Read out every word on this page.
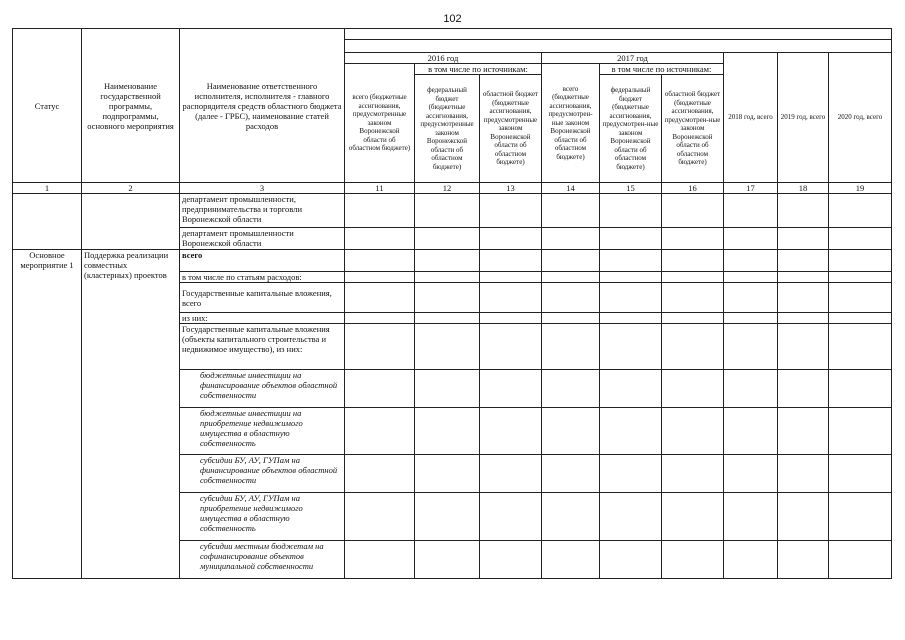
102
Статус	Наименование государственной программы, подпрограммы, основного мероприятия	Наименование ответственного исполнителя, исполнителя - главного распорядителя средств областного бюджета (далее - ГРБС), наименование статей расходов									

			2016 год			2017 год			2018 год, всего	2019 год, всего	2020 год, всего
			всего (бюджетные ассигнования, предусмотренные законом Воронежской области об областном бюджете)	в том числе по источникам:		всего (бюджетные ассигнования, предусмотрен-ные законом Воронежской области об областном бюджете)	в том числе по источникам:				
				федеральный бюджет (бюджетные ассигнования, предусмотренные законом Воронежской области об областном бюджете)	областной бюджет (бюджетные ассигнования, предусмотренные законом Воронежской области об областном бюджете)		федеральный бюджет (бюджетные ассигнования, предусмотрен-ные законом Воронежской области об областном бюджете)	областной бюджет (бюджетные ассигнования, предусмотрен-ные законом Воронежской области об областном бюджете)			
1	2	3	11	12	13	14	15	16	17	18	19
		департамент промышленности, предпринимательства и торговли Воронежской области									
		департамент промышленности Воронежской области									
Основное мероприятие 1	Поддержка реализации совместных (кластерных) проектов	всего									
		в том числе по статьям расходов:									
		Государственные капитальные вложения, всего									
		из них:									
		Государственные капитальные вложения (объекты капитального строительства и недвижимое имущество), из них:									
		бюджетные инвестиции на финансирование объектов областной собственности									
		бюджетные инвестиции на приобретение недвижимого имущества в областную собственность									
		субсидии БУ, АУ, ГУПам на финансирование объектов областной собственности									
		субсидии БУ, АУ, ГУПам на приобретение недвижимого имущества в областную собственность									
		субсидии местным бюджетам на софинансирование объектов муниципальной собственности									
